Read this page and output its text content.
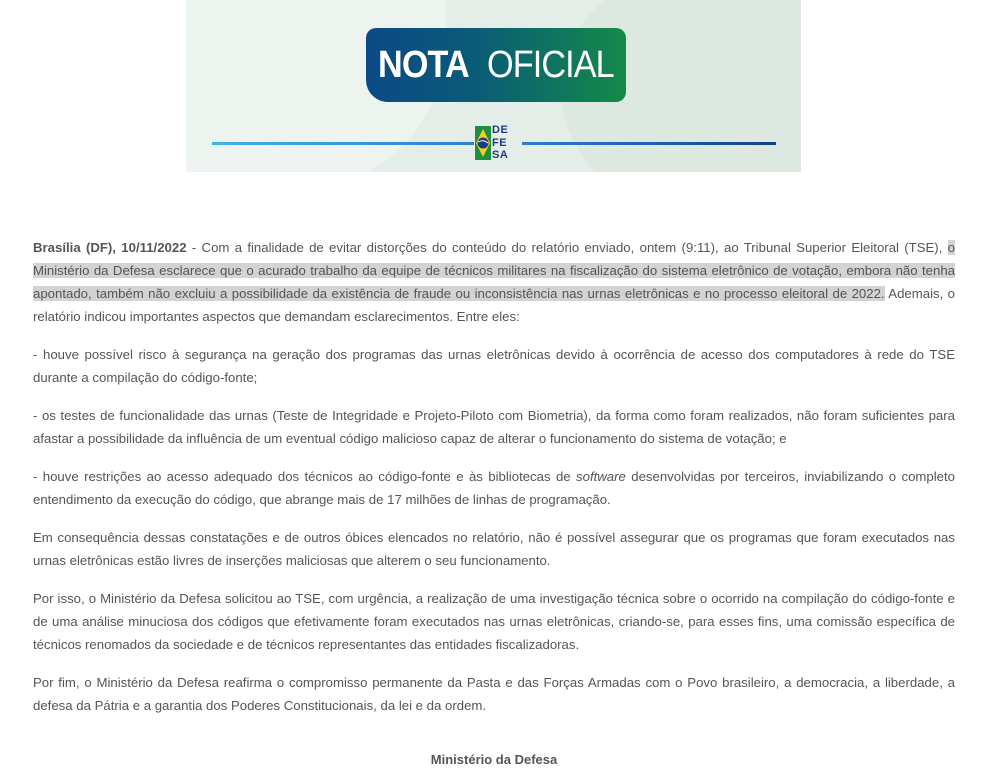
NOTA OFICIAL
DE
FE
SA

Brasília (DF), 10/11/2022 - Com a finalidade de evitar distorções do conteúdo do relatório enviado, ontem (9:11), ao Tribunal Superior Eleitoral (TSE), o Ministério da Defesa esclarece que o acurado trabalho da equipe de técnicos militares na fiscalização do sistema eletrônico de votação, embora não tenha apontado, também não excluiu a possibilidade da existência de fraude ou inconsistência nas urnas eletrônicas e no processo eleitoral de 2022. Ademais, o relatório indicou importantes aspectos que demandam esclarecimentos. Entre eles:

- houve possível risco à segurança na geração dos programas das urnas eletrônicas devido à ocorrência de acesso dos computadores à rede do TSE durante a compilação do código-fonte;

- os testes de funcionalidade das urnas (Teste de Integridade e Projeto-Piloto com Biometria), da forma como foram realizados, não foram suficientes para afastar a possibilidade da influência de um eventual código malicioso capaz de alterar o funcionamento do sistema de votação; e

- houve restrições ao acesso adequado dos técnicos ao código-fonte e às bibliotecas de software desenvolvidas por terceiros, inviabilizando o completo entendimento da execução do código, que abrange mais de 17 milhões de linhas de programação.

Em consequência dessas constatações e de outros óbices elencados no relatório, não é possível assegurar que os programas que foram executados nas urnas eletrônicas estão livres de inserções maliciosas que alterem o seu funcionamento.

Por isso, o Ministério da Defesa solicitou ao TSE, com urgência, a realização de uma investigação técnica sobre o ocorrido na compilação do código-fonte e de uma análise minuciosa dos códigos que efetivamente foram executados nas urnas eletrônicas, criando-se, para esses fins, uma comissão específica de técnicos renomados da sociedade e de técnicos representantes das entidades fiscalizadoras.

Por fim, o Ministério da Defesa reafirma o compromisso permanente da Pasta e das Forças Armadas com o Povo brasileiro, a democracia, a liberdade, a defesa da Pátria e a garantia dos Poderes Constitucionais, da lei e da ordem.

Ministério da Defesa
